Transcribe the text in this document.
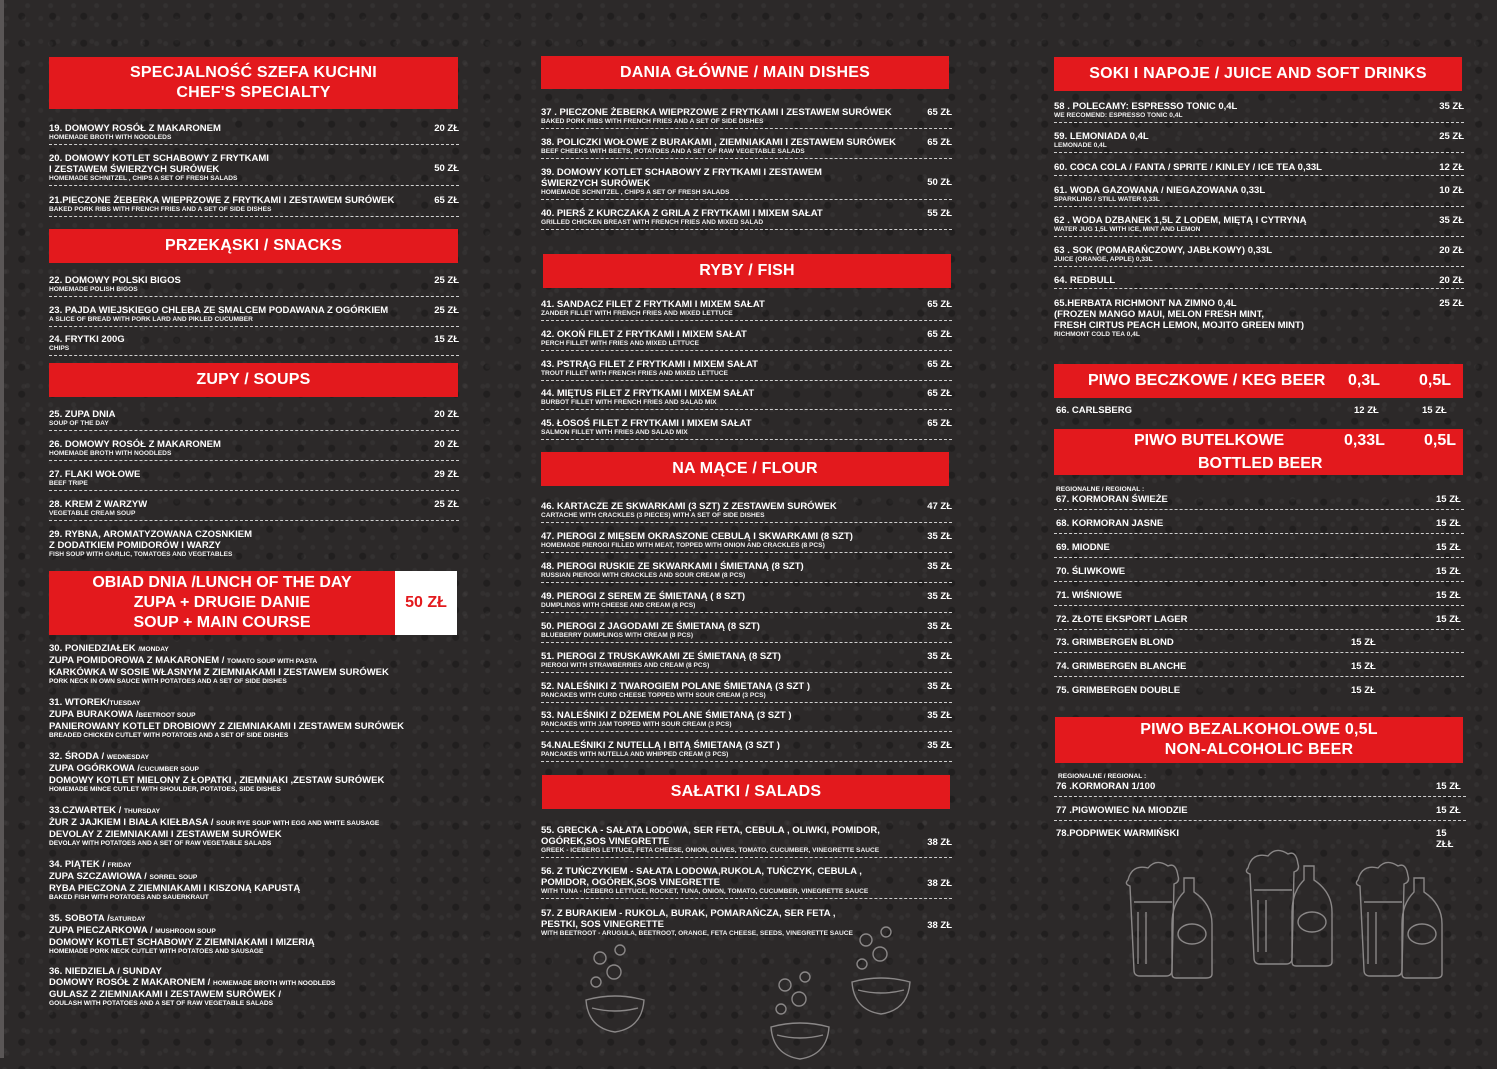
SPECJALNOŚĆ SZEFA KUCHNI
CHEF'S SPECIALTY
19. DOMOWY ROSÓŁ Z MAKARONEM
HOMEMADE BROTH WITH NOODLEDS
20 ZŁ
20. DOMOWY KOTLET SCHABOWY Z FRYTKAMI
I ZESTAWEM ŚWIERZYCH SURÓWEK
HOMEMADE SCHNITZEL , CHIPS A SET OF FRESH SALADS
50 ZŁ
21.PIECZONE ŻEBERKA WIEPRZOWE Z FRYTKAMI I ZESTAWEM SURÓWEK
BAKED PORK RIBS WITH FRENCH FRIES AND A SET OF SIDE DISHES
65 ZŁ
PRZEKĄSKI / SNACKS
22. DOMOWY POLSKI BIGOS
HOMEMADE POLISH BIGOS
25 ZŁ
23. PAJDA WIEJSKIEGO CHLEBA ZE SMALCEM PODAWANA Z OGÓRKIEM
A SLICE OF BREAD WITH PORK LARD AND PIKLED CUCUMBER
25 ZŁ
24. FRYTKI 200G
CHIPS
15 ZŁ
ZUPY / SOUPS
25. ZUPA DNIA
SOUP OF THE DAY
20 ZŁ
26. DOMOWY ROSÓŁ Z MAKARONEM
HOMEMADE BROTH WITH NOODLEDS
20 ZŁ
27. FLAKI WOŁOWE
BEEF TRIPE
29 ZŁ
28. KREM Z WARZYW
VEGETABLE CREAM SOUP
25 ZŁ
29. RYBNA, AROMATYZOWANA CZOSNKIEM
Z DODATKIEM POMIDORÓW I WARZY
FISH SOUP WITH GARLIC, TOMATOES AND VEGETABLES
OBIAD DNIA /LUNCH OF THE DAY
ZUPA + DRUGIE DANIE
SOUP + MAIN COURSE
50 ZŁ
30. PONIEDZIAŁEK /MONDAY
ZUPA POMIDOROWA Z MAKARONEM / TOMATO SOUP WITH PASTA
KARKÓWKA W SOSIE WŁASNYM Z ZIEMNIAKAMI I ZESTAWEM SURÓWEK
PORK NECK IN OWN SAUCE WITH POTATOES AND A SET OF SIDE DISHES
31. WTOREK/TUESDAY
ZUPA BURAKOWA /BEETROOT SOUP
PANIEROWANY KOTLET DROBIOWY Z ZIEMNIAKAMI I ZESTAWEM SURÓWEK
BREADED CHICKEN CUTLET WITH POTATOES AND A SET OF SIDE DISHES
32. ŚRODA / WEDNESDAY
ZUPA OGÓRKOWA /CUCUMBER SOUP
DOMOWY KOTLET MIELONY Z ŁOPATKI , ZIEMNIAKI ,ZESTAW SURÓWEK
HOMEMADE MINCE CUTLET WITH SHOULDER, POTATOES, SIDE DISHES
33.CZWARTEK / THURSDAY
ŻUR Z JAJKIEM I BIAŁA KIEŁBASA / SOUR RYE SOUP WITH EGG AND WHITE SAUSAGE
DEVOLAY Z ZIEMNIAKAMI I ZESTAWEM SURÓWEK
DEVOLAY WITH POTATOES AND A SET OF RAW VEGETABLE SALADS
34. PIĄTEK / FRIDAY
ZUPA SZCZAWIOWA / SORREL SOUP
RYBA PIECZONA Z ZIEMNIAKAMI I KISZONĄ KAPUSTĄ
BAKED FISH WITH POTATOES AND SAUERKRAUT
35. SOBOTA /SATURDAY
ZUPA PIECZARKOWA / MUSHROOM SOUP
DOMOWY KOTLET SCHABOWY Z ZIEMNIAKAMI I MIZERIĄ
HOMEMADE PORK NECK CUTLET WITH POTATOES AND SAUSAGE
36. NIEDZIELA / SUNDAY
DOMOWY ROSÓŁ Z MAKARONEM / HOMEMADE BROTH WITH NOODLEDS
GULASZ Z ZIEMNIAKAMI I ZESTAWEM SURÓWEK /
GOULASH WITH POTATOES AND A SET OF RAW VEGETABLE SALADS
DANIA GŁÓWNE / MAIN DISHES
37 . PIECZONE ŻEBERKA WIEPRZOWE Z FRYTKAMI I ZESTAWEM SURÓWEK
BAKED PORK RIBS WITH FRENCH FRIES AND A SET OF SIDE DISHES
65 ZŁ
38. POLICZKI WOŁOWE Z BURAKAMI , ZIEMNIAKAMI I ZESTAWEM SURÓWEK
BEEF CHEEKS WITH BEETS, POTATOES AND A SET OF RAW VEGETABLE SALADS
65 ZŁ
39. DOMOWY KOTLET SCHABOWY Z FRYTKAMI I ZESTAWEM
ŚWIERZYCH SURÓWEK
HOMEMADE SCHNITZEL , CHIPS A SET OF FRESH SALADS
50 ZŁ
40. PIERŚ Z KURCZAKA Z GRILA Z FRYTKAMI I MIXEM SAŁAT
GRILLED CHICKEN BREAST WITH FRENCH FRIES AND MIXED SALAD
55 ZŁ
RYBY / FISH
41. SANDACZ FILET Z FRYTKAMI I MIXEM SAŁAT
ZANDER FILLET WITH FRENCH FRIES AND MIXED LETTUCE
65 ZŁ
42. OKOŃ FILET Z FRYTKAMI I MIXEM SAŁAT
PERCH FILLET WITH FRIES AND MIXED LETTUCE
65 ZŁ
43. PSTRĄG FILET Z FRYTKAMI I MIXEM SAŁAT
TROUT FILLET WITH FRENCH FRIES AND MIXED LETTUCE
65 ZŁ
44. MIĘTUS FILET Z FRYTKAMI I MIXEM SAŁAT
BURBOT FILLET WITH FRENCH FRIES AND SALAD MIX
65 ZŁ
45. ŁOSOŚ FILET Z FRYTKAMI I MIXEM SAŁAT
SALMON FILLET WITH FRIES AND SALAD MIX
65 ZŁ
NA MĄCE / FLOUR
46. KARTACZE ZE SKWARKAMI (3 SZT) Z ZESTAWEM SURÓWEK
CARTACHE WITH CRACKLES (3 PIECES) WITH A SET OF SIDE DISHES
47 ZŁ
47. PIEROGI Z MIĘSEM OKRASZONE CEBULĄ I SKWARKAMI (8 SZT)
HOMEMADE PIEROGI FILLED WITH MEAT, TOPPED WITH ONION AND CRACKLES (8 PCS)
35 ZŁ
48. PIEROGI RUSKIE ZE SKWARKAMI I ŚMIETANĄ (8 SZT)
RUSSIAN PIEROGI WITH CRACKLES AND SOUR CREAM (8 PCS)
35 ZŁ
49. PIEROGI Z SEREM ZE ŚMIETANĄ ( 8 SZT)
DUMPLINGS WITH CHEESE AND CREAM (8 PCS)
35 ZŁ
50. PIEROGI Z JAGODAMI ZE ŚMIETANĄ (8 SZT)
BLUEBERRY DUMPLINGS WITH CREAM (8 PCS)
35 ZŁ
51. PIEROGI Z TRUSKAWKAMI ZE ŚMIETANĄ (8 SZT)
PIEROGI WITH STRAWBERRIES AND CREAM (8 PCS)
35 ZŁ
52. NALEŚNIKI Z TWAROGIEM POLANE ŚMIETANĄ (3 SZT )
PANCAKES WITH CURD CHEESE TOPPED WITH SOUR CREAM (3 PCS)
35 ZŁ
53. NALEŚNIKI Z DŻEMEM POLANE ŚMIETANĄ (3 SZT )
PANCAKES WITH JAM TOPPED WITH SOUR CREAM (3 PCS)
35 ZŁ
54.NALEŚNIKI Z NUTELLĄ I BITĄ ŚMIETANĄ (3 SZT )
PANCAKES WITH NUTELLA AND WHIPPED CREAM (3 PCS)
35 ZŁ
SAŁATKI / SALADS
55. GRECKA - SAŁATA LODOWA, SER FETA, CEBULA , OLIWKI, POMIDOR,
OGÓREK,SOS VINEGRETTE
GREEK - ICEBERG LETTUCE, FETA CHEESE, ONION, OLIVES, TOMATO, CUCUMBER, VINEGRETTE SAUCE
38 ZŁ
56. Z TUŃCZYKIEM - SAŁATA LODOWA,RUKOLA, TUŃCZYK, CEBULA ,
POMIDOR, OGÓREK,SOS VINEGRETTE
WITH TUNA - ICEBERG LETTUCE, ROCKET, TUNA, ONION, TOMATO, CUCUMBER, VINEGRETTE SAUCE
38 ZŁ
57. Z BURAKIEM - RUKOLA, BURAK, POMARAŃCZA, SER FETA ,
PESTKI, SOS VINEGRETTE
WITH BEETROOT - ARUGULA, BEETROOT, ORANGE, FETA CHEESE, SEEDS, VINEGRETTE SAUCE
38 ZŁ
SOKI I NAPOJE / JUICE AND SOFT DRINKS
58 . POLECAMY: ESPRESSO TONIC 0,4L
WE RECOMEND: ESPRESSO TONIC 0,4L
35 ZŁ
59. LEMONIADA 0,4L
LEMONADE 0,4L
25 ZŁ
60. COCA COLA / FANTA / SPRITE / KINLEY / ICE TEA 0,33L	12 ZŁ
61. WODA GAZOWANA / NIEGAZOWANA 0,33L
SPARKLING / STILL WATER 0,33L
10 ZŁ
62 . WODA DZBANEK 1,5L Z LODEM, MIĘTĄ I CYTRYNĄ
WATER JUG 1,5L WITH ICE, MINT AND LEMON
35 ZŁ
63 . SOK (POMARAŃCZOWY, JABŁKOWY) 0,33L
JUICE (ORANGE, APPLE) 0,33L
20 ZŁ
64. REDBULL	20 ZŁ
65.HERBATA RICHMONT NA ZIMNO 0,4L
(FROZEN MANGO MAUI, MELON FRESH MINT,
FRESH CIRTUS PEACH LEMON, MOJITO GREEN MINT)
RICHMONT COLD TEA 0,4L
25 ZŁ
PIWO BECZKOWE / KEG BEER 0,3L 0,5L
66. CARLSBERG	12 ZŁ	15 ZŁ
PIWO BUTELKOWE
BOTTLED BEER
0,33L 0,5L
REGIONALNE / REGIONAL :
67. KORMORAN ŚWIEŻE	15 ZŁ
68. KORMORAN JASNE	15 ZŁ
69. MIODNE	15 ZŁ
70. ŚLIWKOWE	15 ZŁ
71. WIŚNIOWE	15 ZŁ
72. ZŁOTE EKSPORT LAGER	15 ZŁ
73. GRIMBERGEN BLOND	15 ZŁ
74. GRIMBERGEN BLANCHE	15 ZŁ
75. GRIMBERGEN DOUBLE	15 ZŁ
PIWO BEZALKOHOLOWE 0,5L
NON-ALCOHOLIC BEER
REGIONALNE / REGIONAL :
76 .KORMORAN 1/100	15 ZŁ
77 .PIGWOWIEC NA MIODZIE	15 ZŁ
78.PODPIWEK WARMIŃSKI	15 ZŁŁ
